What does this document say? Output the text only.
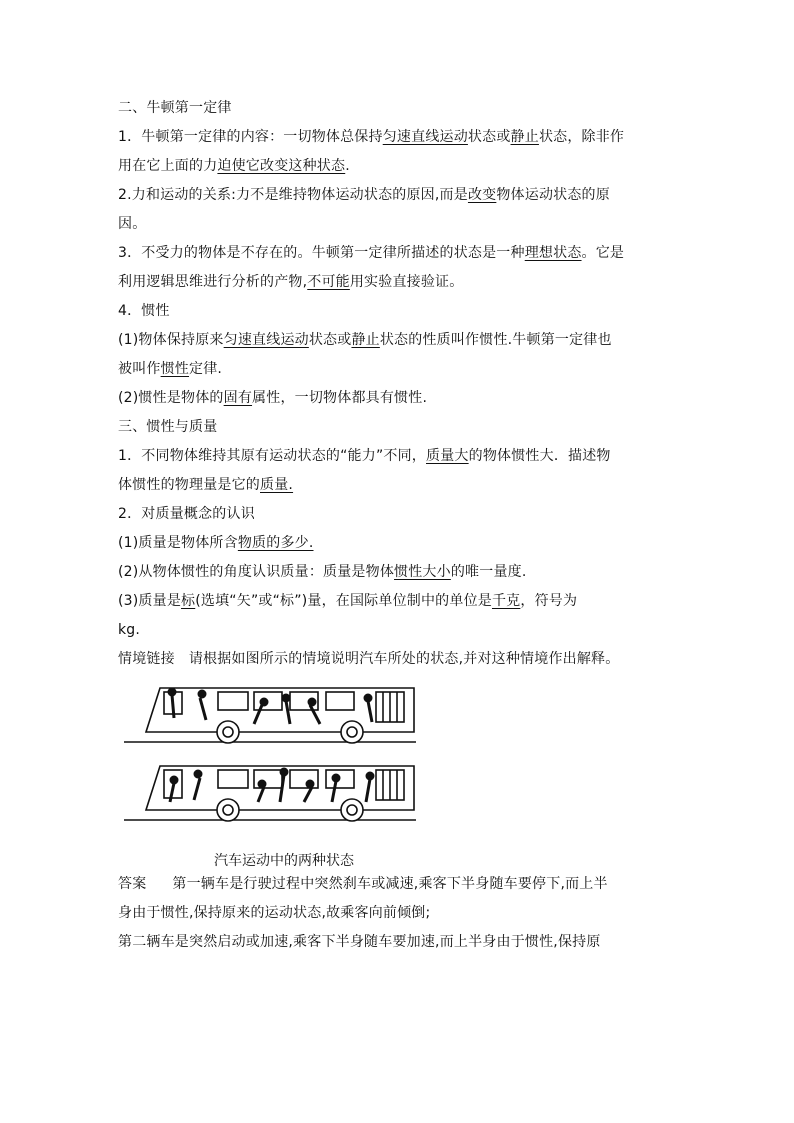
二、牛顿第一定律
1．牛顿第一定律的内容：一切物体总保持匀速直线运动状态或静止状态，除非作
用在它上面的力迫使它改变这种状态.
2.力和运动的关系:力不是维持物体运动状态的原因,而是改变物体运动状态的原
因。
3．不受力的物体是不存在的。牛顿第一定律所描述的状态是一种理想状态。它是
利用逻辑思维进行分析的产物,不可能用实验直接验证。
4．惯性
(1)物体保持原来匀速直线运动状态或静止状态的性质叫作惯性.牛顿第一定律也
被叫作惯性定律.
(2)惯性是物体的固有属性，一切物体都具有惯性.
三、惯性与质量
1．不同物体维持其原有运动状态的“能力”不同，质量大的物体惯性大．描述物
体惯性的物理量是它的质量.
2．对质量概念的认识
(1)质量是物体所含物质的多少.
(2)从物体惯性的角度认识质量：质量是物体惯性大小的唯一量度.
(3)质量是标(选填“矢”或“标”)量，在国际单位制中的单位是千克，符号为
kg.
情境链接 请根据如图所示的情境说明汽车所处的状态,并对这种情境作出解释。
汽车运动中的两种状态
答案 第一辆车是行驶过程中突然刹车或减速,乘客下半身随车要停下,而上半
身由于惯性,保持原来的运动状态,故乘客向前倾倒;
第二辆车是突然启动或加速,乘客下半身随车要加速,而上半身由于惯性,保持原
